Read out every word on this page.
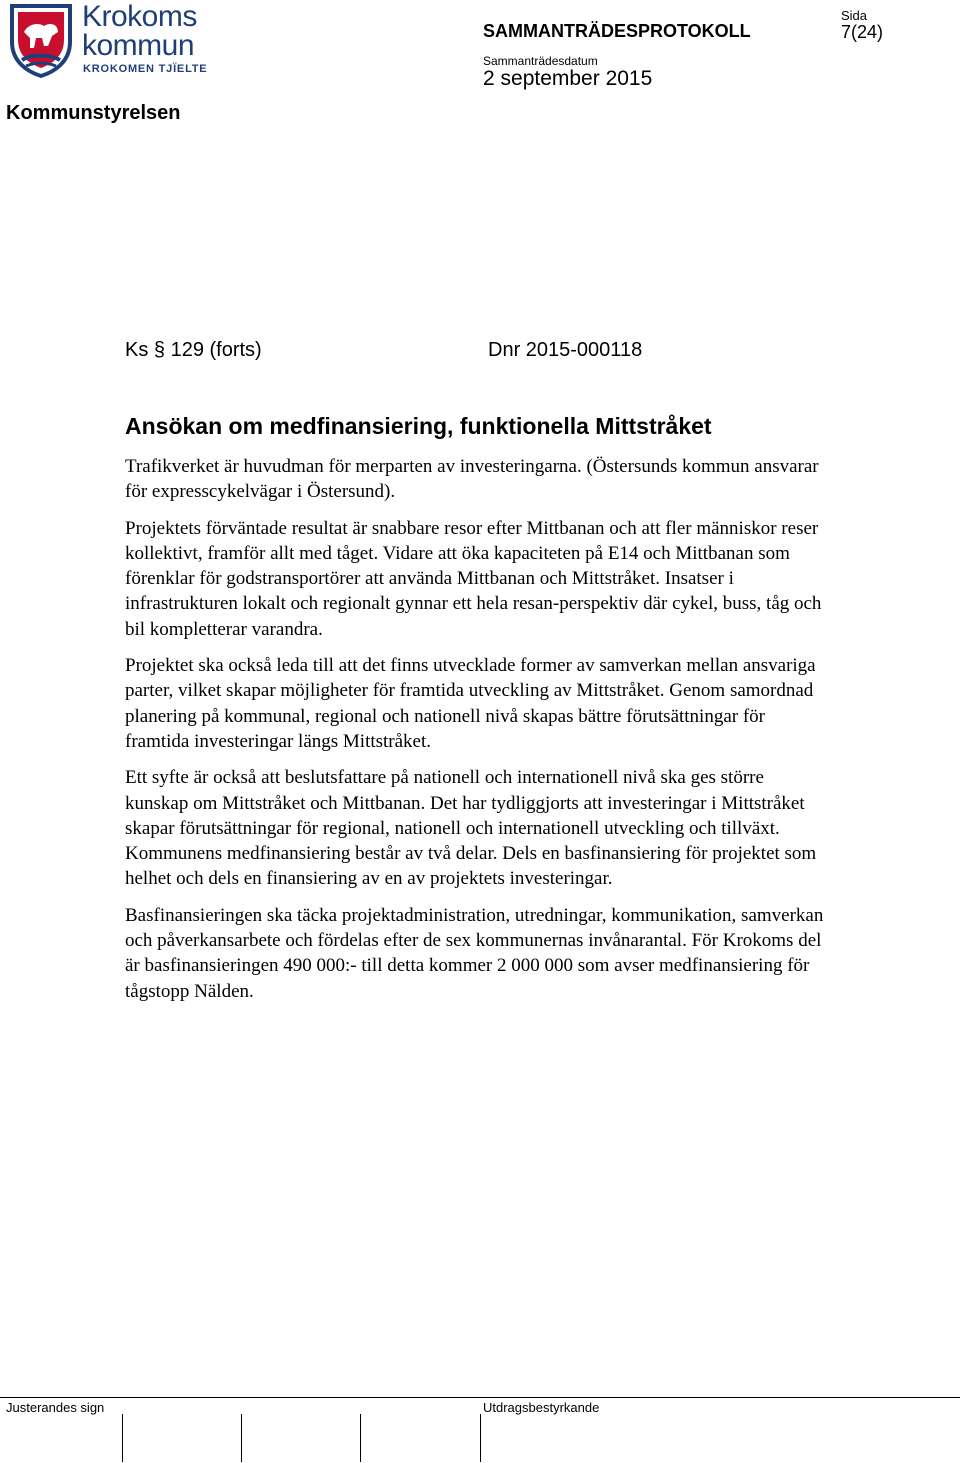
Krokoms
kommun
KROKOMEN TJÏELTE
Kommunstyrelsen
SAMMANTRÄDESPROTOKOLL
Sammanträdesdatum
2 september 2015
Sida
7(24)
Ks § 129 (forts)	Dnr 2015-000118
Ansökan om medfinansiering, funktionella Mittstråket

Trafikverket är huvudman för merparten av investeringarna. (Östersunds kommun ansvarar för expresscykelvägar i Östersund).

Projektets förväntade resultat är snabbare resor efter Mittbanan och att fler människor reser kollektivt, framför allt med tåget. Vidare att öka kapaciteten på E14 och Mittbanan som förenklar för godstransportörer att använda Mittbanan och Mittstråket. Insatser i infrastrukturen lokalt och regionalt gynnar ett hela resan-perspektiv där cykel, buss, tåg och bil kompletterar varandra.

Projektet ska också leda till att det finns utvecklade former av samverkan mellan ansvariga parter, vilket skapar möjligheter för framtida utveckling av Mittstråket. Genom samordnad planering på kommunal, regional och nationell nivå skapas bättre förutsättningar för framtida investeringar längs Mittstråket.

Ett syfte är också att beslutsfattare på nationell och internationell nivå ska ges större kunskap om Mittstråket och Mittbanan. Det har tydliggjorts att investeringar i Mittstråket skapar förutsättningar för regional, nationell och internationell utveckling och tillväxt.

Kommunens medfinansiering består av två delar. Dels en basfinansiering för projektet som helhet och dels en finansiering av en av projektets investeringar.

Basfinansieringen ska täcka projektadministration, utredningar, kommunikation, samverkan och påverkansarbete och fördelas efter de sex kommunernas invånarantal. För Krokoms del är basfinansieringen 490 000:- till detta kommer 2 000 000 som avser medfinansiering för tågstopp Nälden.

Justerandes sign	Utdragsbestyrkande
